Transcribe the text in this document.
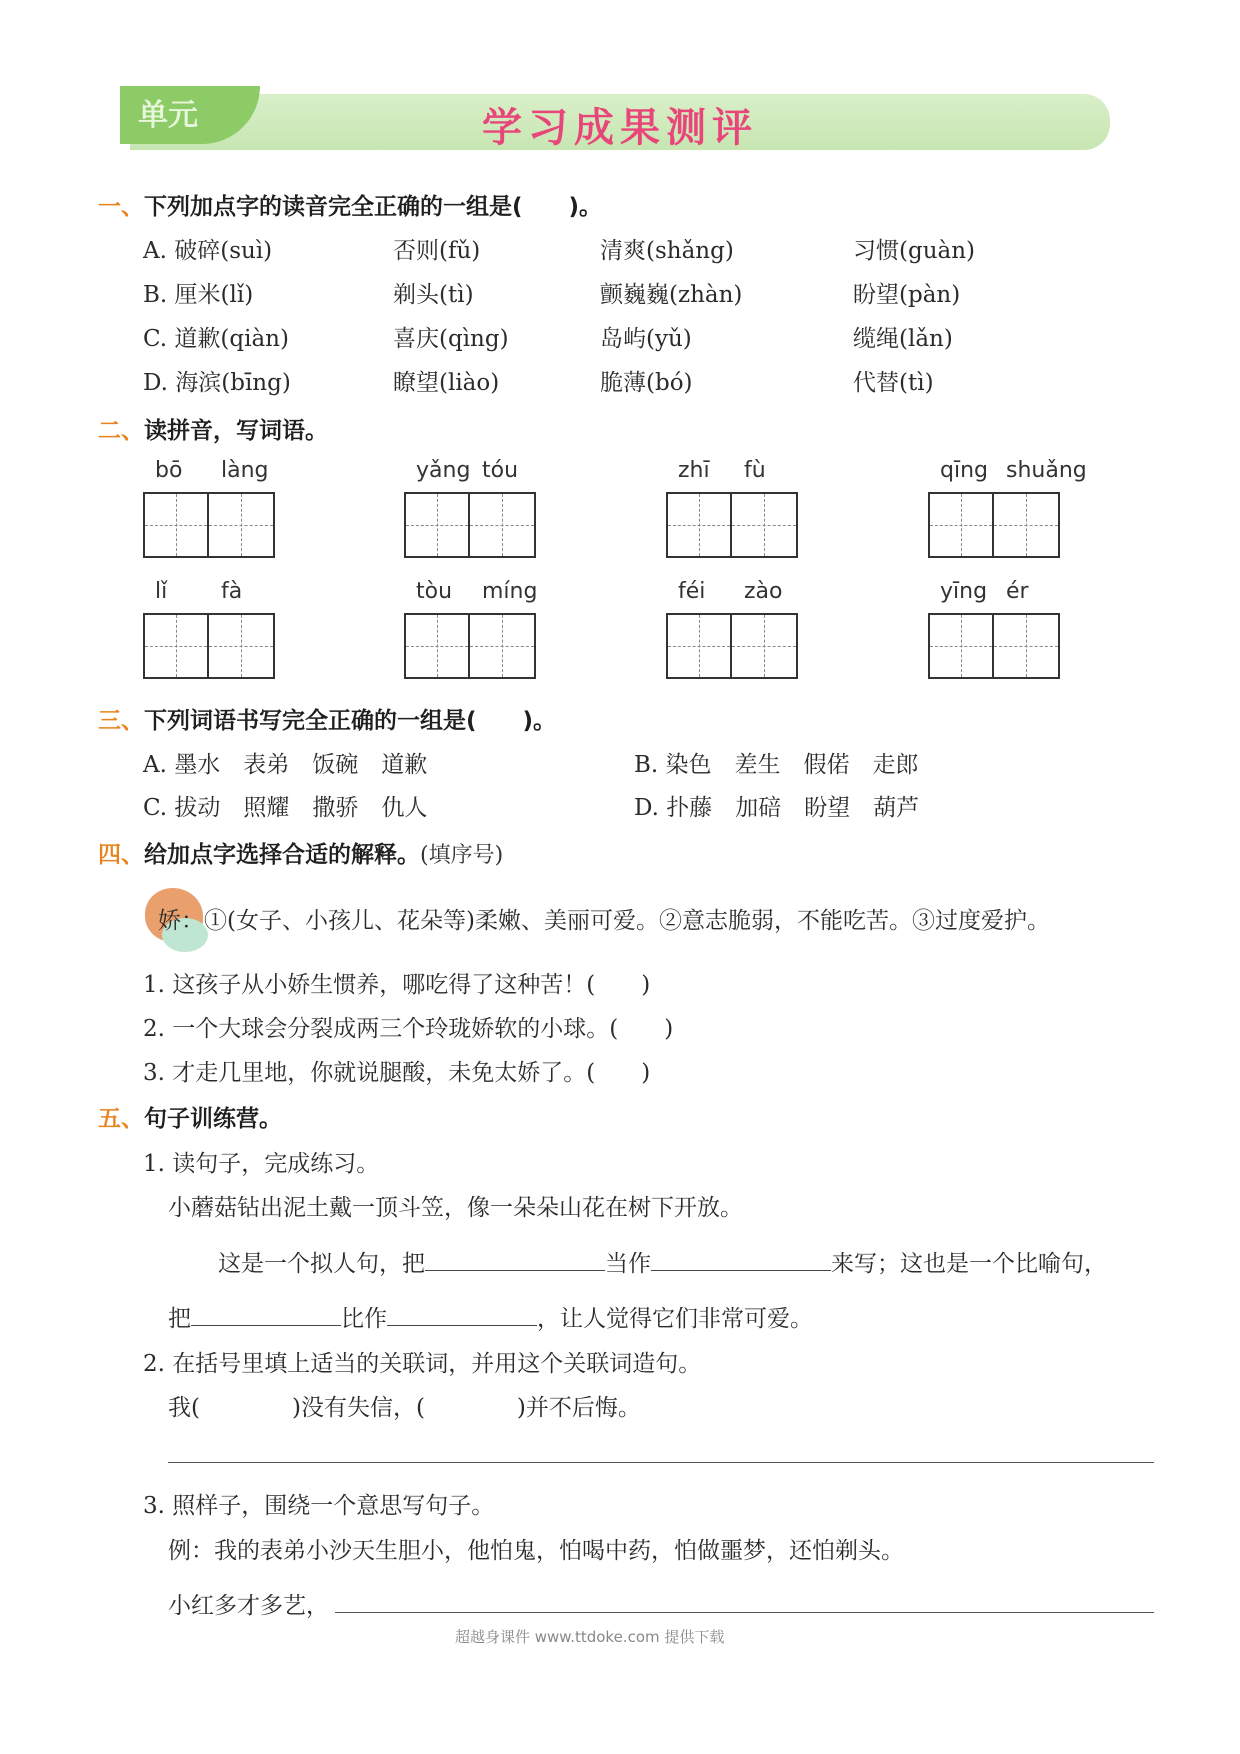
单元	学习成果测评
一、下列加点字的读音完全正确的一组是(　　)。
A. 破碎(suì)	否则(fǔ)	清爽(shǎng)	习惯(guàn)
B. 厘米(lǐ)	剃头(tì)	颤巍巍(zhàn)	盼望(pàn)
C. 道歉(qiàn)	喜庆(qìng)	岛屿(yǔ)	缆绳(lǎn)
D. 海滨(bīng)	瞭望(liào)	脆薄(bó)	代替(tì)
二、读拼音，写词语。
bō làng	yǎng tóu	zhī fù	qīng shuǎng
lǐ fà	tòu míng	féi zào	yīng ér
三、下列词语书写完全正确的一组是(　　)。
A. 墨水　表弟　饭碗　道歉	B. 染色　差生　假偌　走郎
C. 拔动　照耀　撒骄　仇人	D. 扑藤　加碚　盼望　葫芦
四、给加点字选择合适的解释。(填序号)
娇：①(女子、小孩儿、花朵等)柔嫩、美丽可爱。②意志脆弱，不能吃苦。③过度爱护。
1. 这孩子从小娇生惯养，哪吃得了这种苦！(　　)
2. 一个大球会分裂成两三个玲珑娇软的小球。(　　)
3. 才走几里地，你就说腿酸，未免太娇了。(　　)
五、句子训练营。
1. 读句子，完成练习。
小蘑菇钻出泥土戴一顶斗笠，像一朵朵山花在树下开放。
这是一个拟人句，把	当作	来写；这也是一个比喻句，
把	比作	，让人觉得它们非常可爱。
2. 在括号里填上适当的关联词，并用这个关联词造句。
我(　　　　)没有失信，(　　　　)并不后悔。
3. 照样子，围绕一个意思写句子。
例：我的表弟小沙天生胆小，他怕鬼，怕喝中药，怕做噩梦，还怕剃头。
小红多才多艺，
超越身课件 www.ttdoke.com 提供下载
